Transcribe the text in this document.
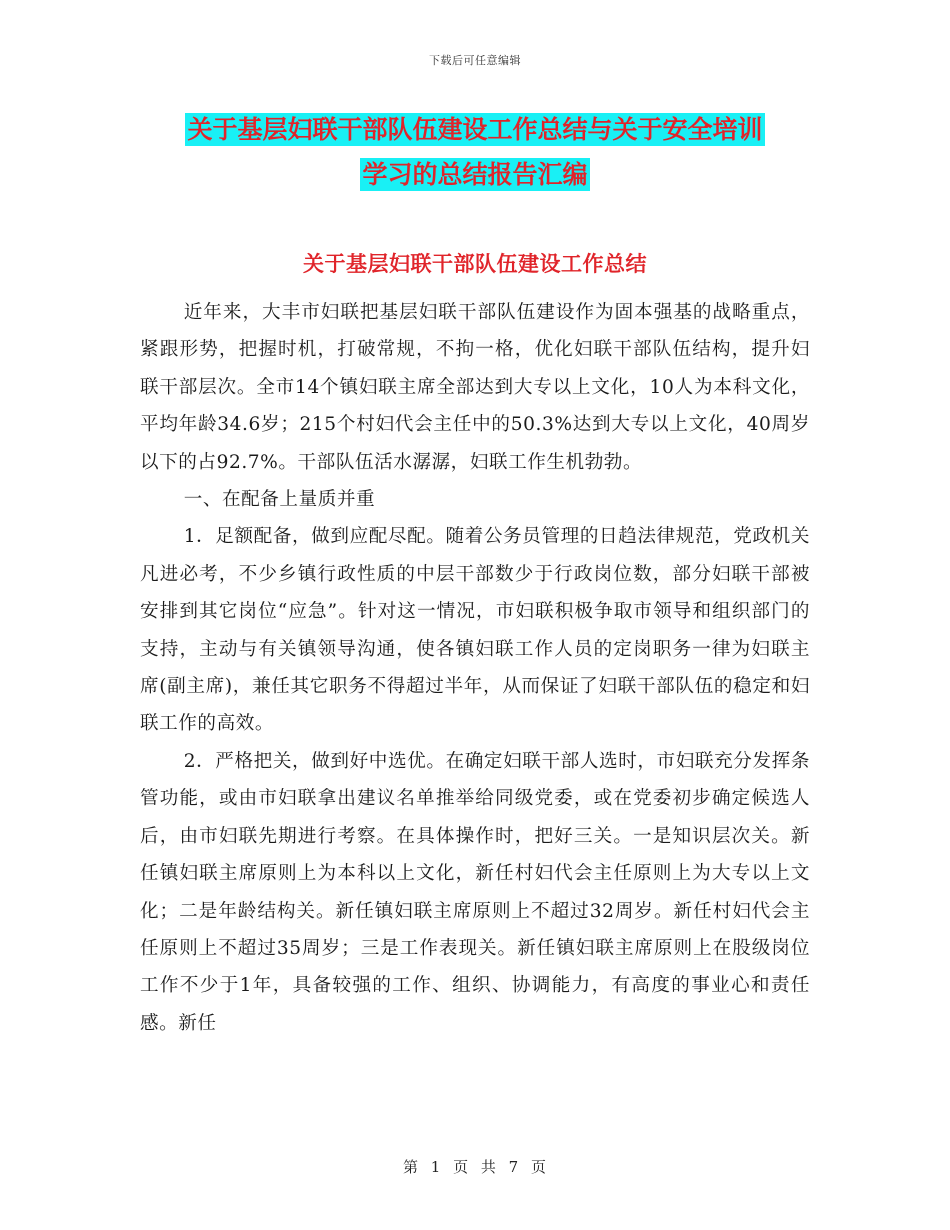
下载后可任意编辑
关于基层妇联干部队伍建设工作总结与关于安全培训
学习的总结报告汇编
关于基层妇联干部队伍建设工作总结

近年来，大丰市妇联把基层妇联干部队伍建设作为固本强基的战略重点，紧跟形势，把握时机，打破常规，不拘一格，优化妇联干部队伍结构，提升妇联干部层次。全市14个镇妇联主席全部达到大专以上文化，10人为本科文化，平均年龄34.6岁；215个村妇代会主任中的50.3%达到大专以上文化，40周岁以下的占92.7%。干部队伍活水潺潺，妇联工作生机勃勃。

一、在配备上量质并重

1．足额配备，做到应配尽配。随着公务员管理的日趋法律规范，党政机关凡进必考，不少乡镇行政性质的中层干部数少于行政岗位数，部分妇联干部被安排到其它岗位“应急”。针对这一情况，市妇联积极争取市领导和组织部门的支持，主动与有关镇领导沟通，使各镇妇联工作人员的定岗职务一律为妇联主席(副主席)，兼任其它职务不得超过半年，从而保证了妇联干部队伍的稳定和妇联工作的高效。

2．严格把关，做到好中选优。在确定妇联干部人选时，市妇联充分发挥条管功能，或由市妇联拿出建议名单推举给同级党委，或在党委初步确定候选人后，由市妇联先期进行考察。在具体操作时，把好三关。一是知识层次关。新任镇妇联主席原则上为本科以上文化，新任村妇代会主任原则上为大专以上文化；二是年龄结构关。新任镇妇联主席原则上不超过32周岁。新任村妇代会主任原则上不超过35周岁；三是工作表现关。新任镇妇联主席原则上在股级岗位工作不少于1年，具备较强的工作、组织、协调能力，有高度的事业心和责任感。新任

第 1 页 共 7 页
